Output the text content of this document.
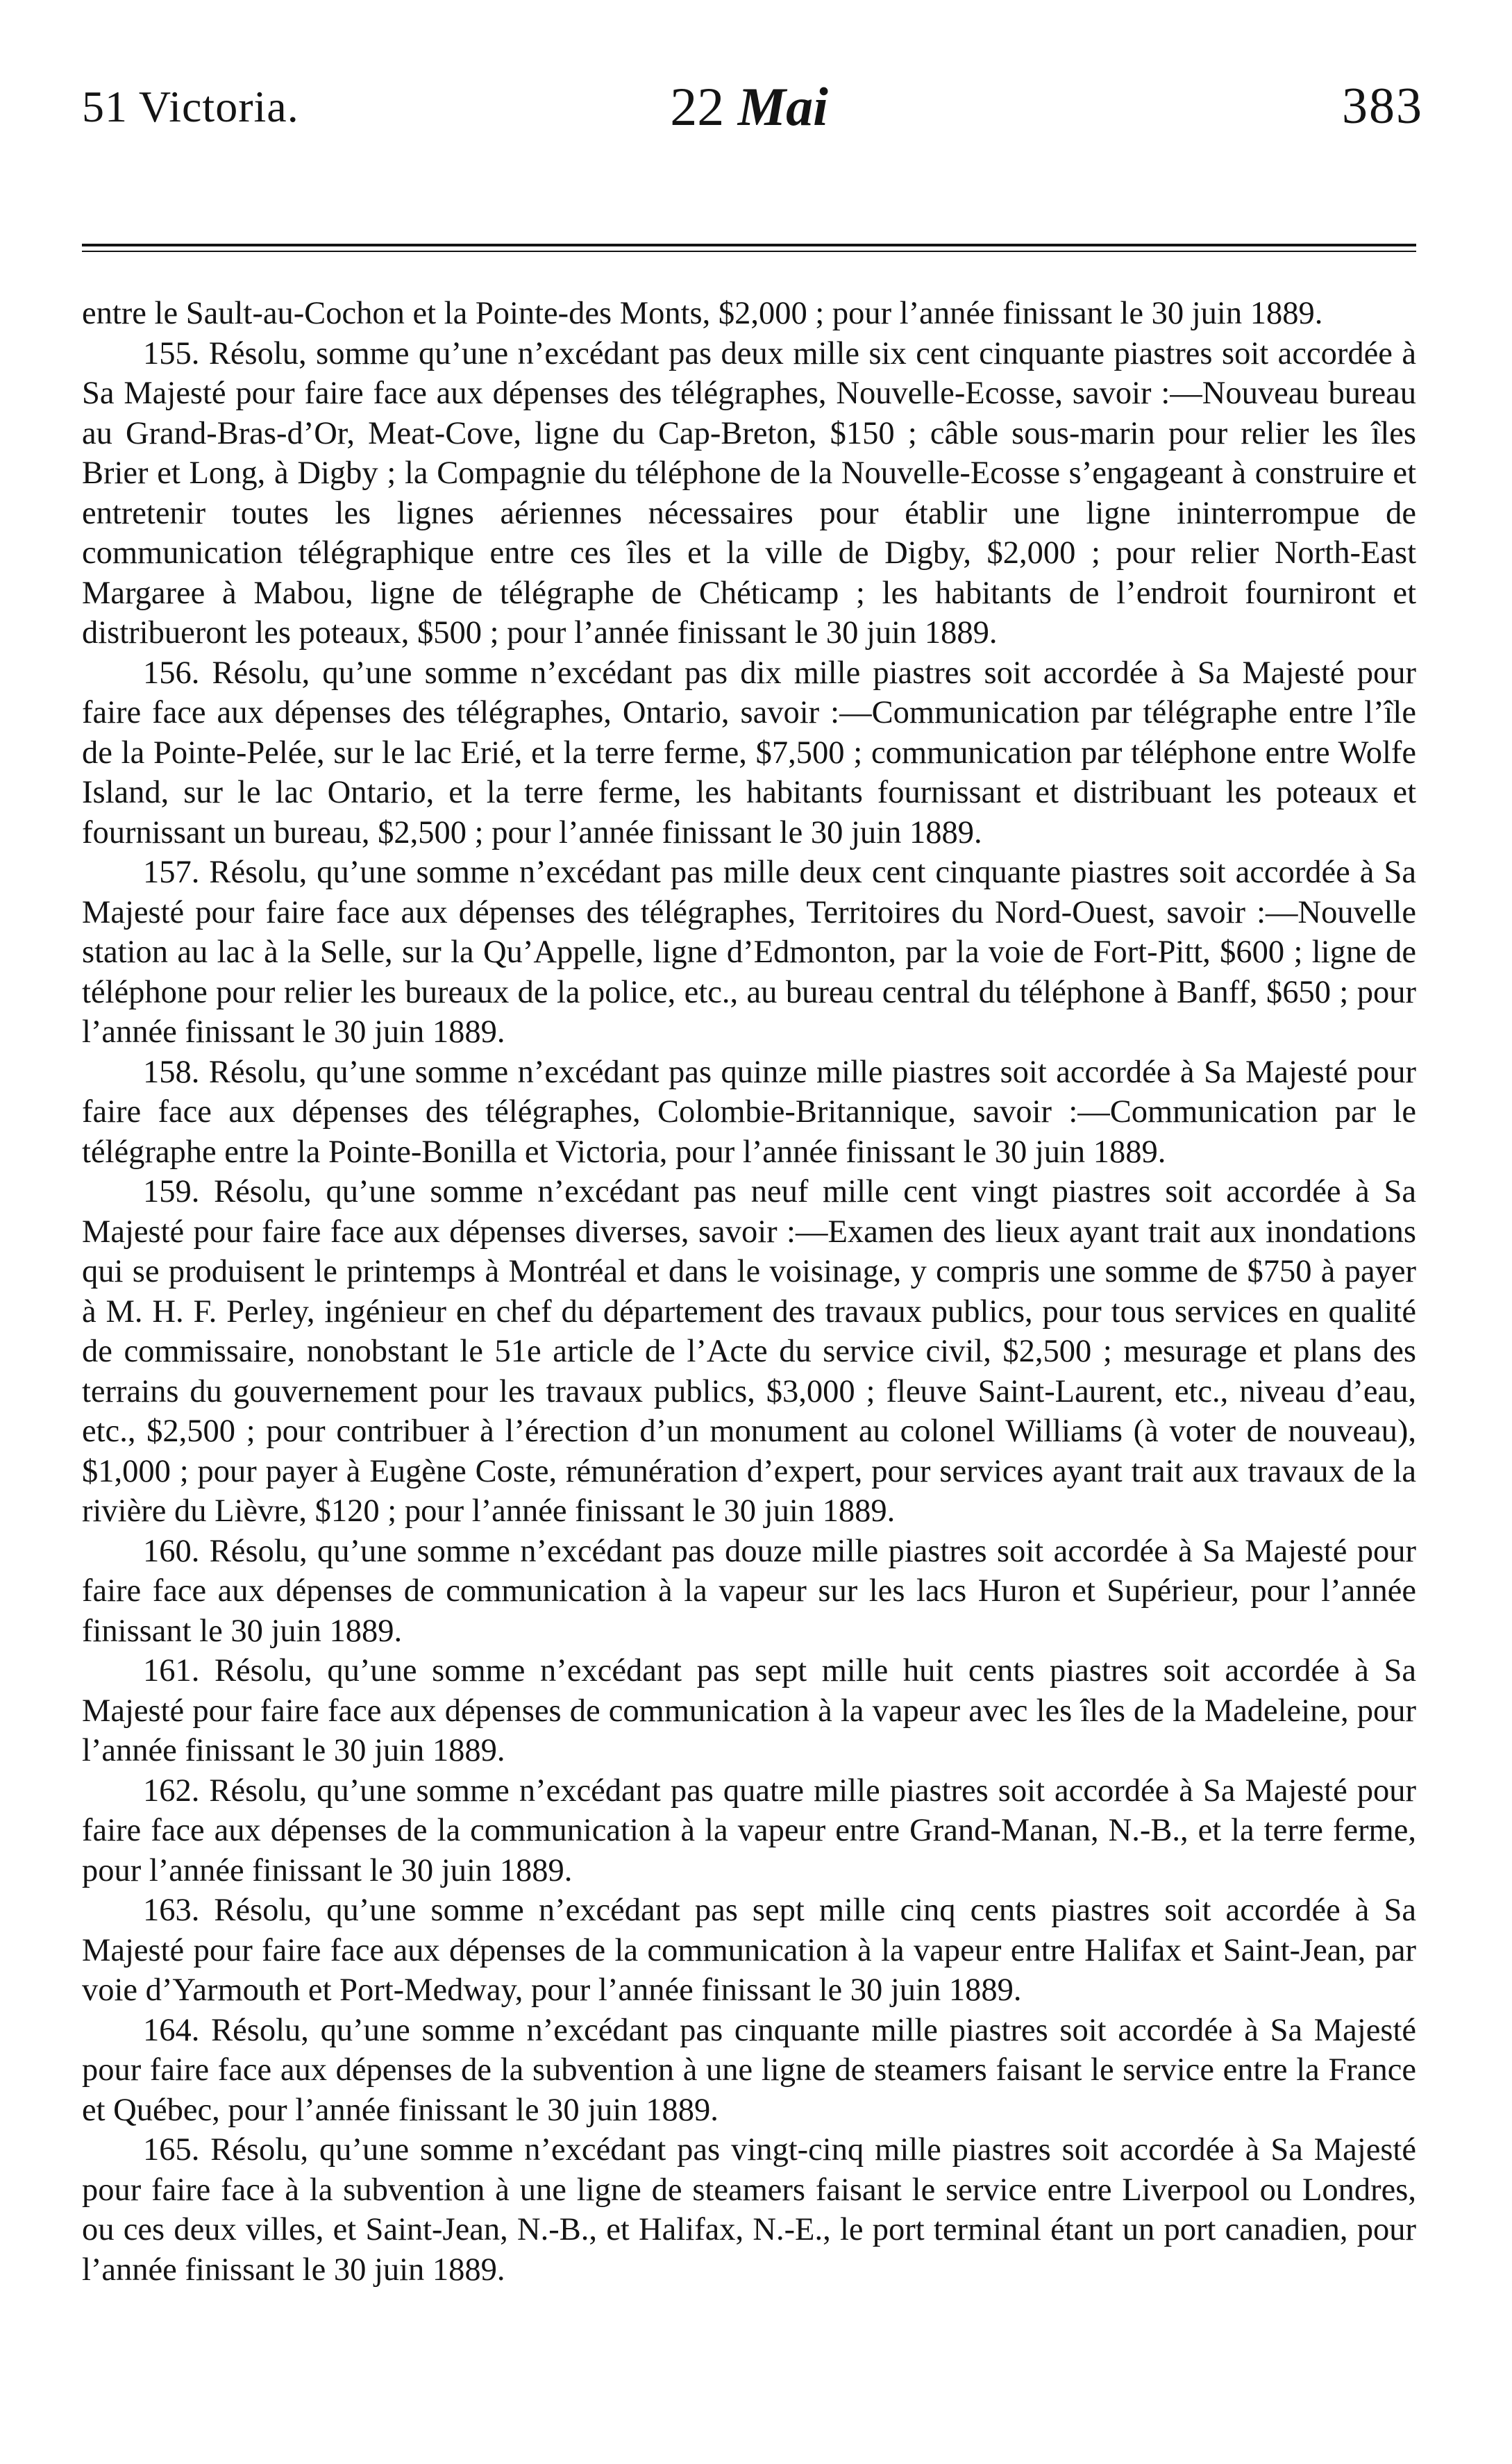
51 Victoria.	22 Mai	383

entre le Sault-au-Cochon et la Pointe-des Monts, $2,000 ; pour l’année finissant le 30 juin 1889.

155. Résolu, somme qu’une n’excédant pas deux mille six cent cinquante piastres soit accordée à Sa Majesté pour faire face aux dépenses des télégraphes, Nouvelle-Ecosse, savoir :—Nouveau bureau au Grand-Bras-d’Or, Meat-Cove, ligne du Cap-Breton, $150 ; câble sous-marin pour relier les îles Brier et Long, à Digby ; la Compagnie du téléphone de la Nouvelle-Ecosse s’engageant à construire et entretenir toutes les lignes aériennes nécessaires pour établir une ligne ininterrompue de communication télégraphique entre ces îles et la ville de Digby, $2,000 ; pour relier North-East Margaree à Mabou, ligne de télégraphe de Chéticamp ; les habitants de l’endroit fourniront et distribueront les poteaux, $500 ; pour l’année finissant le 30 juin 1889.

156. Résolu, qu’une somme n’excédant pas dix mille piastres soit accordée à Sa Majesté pour faire face aux dépenses des télégraphes, Ontario, savoir :—Communication par télégraphe entre l’île de la Pointe-Pelée, sur le lac Erié, et la terre ferme, $7,500 ; communication par téléphone entre Wolfe Island, sur le lac Ontario, et la terre ferme, les habitants fournissant et distribuant les poteaux et fournissant un bureau, $2,500 ; pour l’année finissant le 30 juin 1889.

157. Résolu, qu’une somme n’excédant pas mille deux cent cinquante piastres soit accordée à Sa Majesté pour faire face aux dépenses des télégraphes, Territoires du Nord-Ouest, savoir :—Nouvelle station au lac à la Selle, sur la Qu’Appelle, ligne d’Edmonton, par la voie de Fort-Pitt, $600 ; ligne de téléphone pour relier les bureaux de la police, etc., au bureau central du téléphone à Banff, $650 ; pour l’année finissant le 30 juin 1889.

158. Résolu, qu’une somme n’excédant pas quinze mille piastres soit accordée à Sa Majesté pour faire face aux dépenses des télégraphes, Colombie-Britannique, savoir :—Communication par le télégraphe entre la Pointe-Bonilla et Victoria, pour l’année finissant le 30 juin 1889.

159. Résolu, qu’une somme n’excédant pas neuf mille cent vingt piastres soit accordée à Sa Majesté pour faire face aux dépenses diverses, savoir :—Examen des lieux ayant trait aux inondations qui se produisent le printemps à Montréal et dans le voisinage, y compris une somme de $750 à payer à M. H. F. Perley, ingénieur en chef du département des travaux publics, pour tous services en qualité de commissaire, nonobstant le 51e article de l’Acte du service civil, $2,500 ; mesurage et plans des terrains du gouvernement pour les travaux publics, $3,000 ; fleuve Saint-Laurent, etc., niveau d’eau, etc., $2,500 ; pour contribuer à l’érection d’un monument au colonel Williams (à voter de nouveau), $1,000 ; pour payer à Eugène Coste, rémunération d’expert, pour services ayant trait aux travaux de la rivière du Lièvre, $120 ; pour l’année finissant le 30 juin 1889.

160. Résolu, qu’une somme n’excédant pas douze mille piastres soit accordée à Sa Majesté pour faire face aux dépenses de communication à la vapeur sur les lacs Huron et Supérieur, pour l’année finissant le 30 juin 1889.

161. Résolu, qu’une somme n’excédant pas sept mille huit cents piastres soit accordée à Sa Majesté pour faire face aux dépenses de communication à la vapeur avec les îles de la Madeleine, pour l’année finissant le 30 juin 1889.

162. Résolu, qu’une somme n’excédant pas quatre mille piastres soit accordée à Sa Majesté pour faire face aux dépenses de la communication à la vapeur entre Grand-Manan, N.-B., et la terre ferme, pour l’année finissant le 30 juin 1889.

163. Résolu, qu’une somme n’excédant pas sept mille cinq cents piastres soit accordée à Sa Majesté pour faire face aux dépenses de la communication à la vapeur entre Halifax et Saint-Jean, par voie d’Yarmouth et Port-Medway, pour l’année finissant le 30 juin 1889.

164. Résolu, qu’une somme n’excédant pas cinquante mille piastres soit accordée à Sa Majesté pour faire face aux dépenses de la subvention à une ligne de steamers faisant le service entre la France et Québec, pour l’année finissant le 30 juin 1889.

165. Résolu, qu’une somme n’excédant pas vingt-cinq mille piastres soit accordée à Sa Majesté pour faire face à la subvention à une ligne de steamers faisant le service entre Liverpool ou Londres, ou ces deux villes, et Saint-Jean, N.-B., et Halifax, N.-E., le port terminal étant un port canadien, pour l’année finissant le 30 juin 1889.
